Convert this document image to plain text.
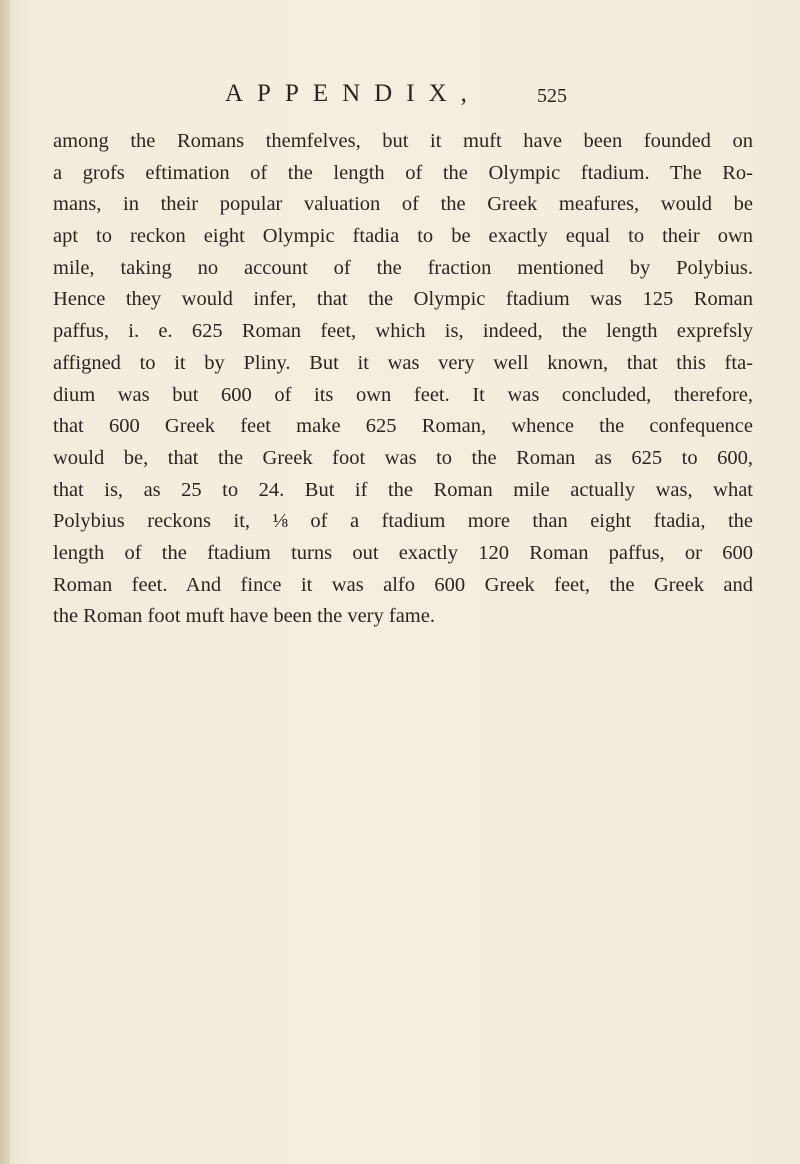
APPENDIX,	525
among the Romans themfelves, but it muft have been founded on
a grofs eftimation of the length of the Olympic ftadium. The Ro-
mans, in their popular valuation of the Greek meafures, would be
apt to reckon eight Olympic ftadia to be exactly equal to their own
mile, taking no account of the fraction mentioned by Polybius.
Hence they would infer, that the Olympic ftadium was 125 Roman
paffus, i. e. 625 Roman feet, which is, indeed, the length exprefsly
affigned to it by Pliny. But it was very well known, that this fta-
dium was but 600 of its own feet. It was concluded, therefore,
that 600 Greek feet make 625 Roman, whence the confequence
would be, that the Greek foot was to the Roman as 625 to 600,
that is, as 25 to 24. But if the Roman mile actually was, what
Polybius reckons it, ⅛ of a ftadium more than eight ftadia, the
length of the ftadium turns out exactly 120 Roman paffus, or 600
Roman feet. And fince it was alfo 600 Greek feet, the Greek and
the Roman foot muft have been the very fame.
